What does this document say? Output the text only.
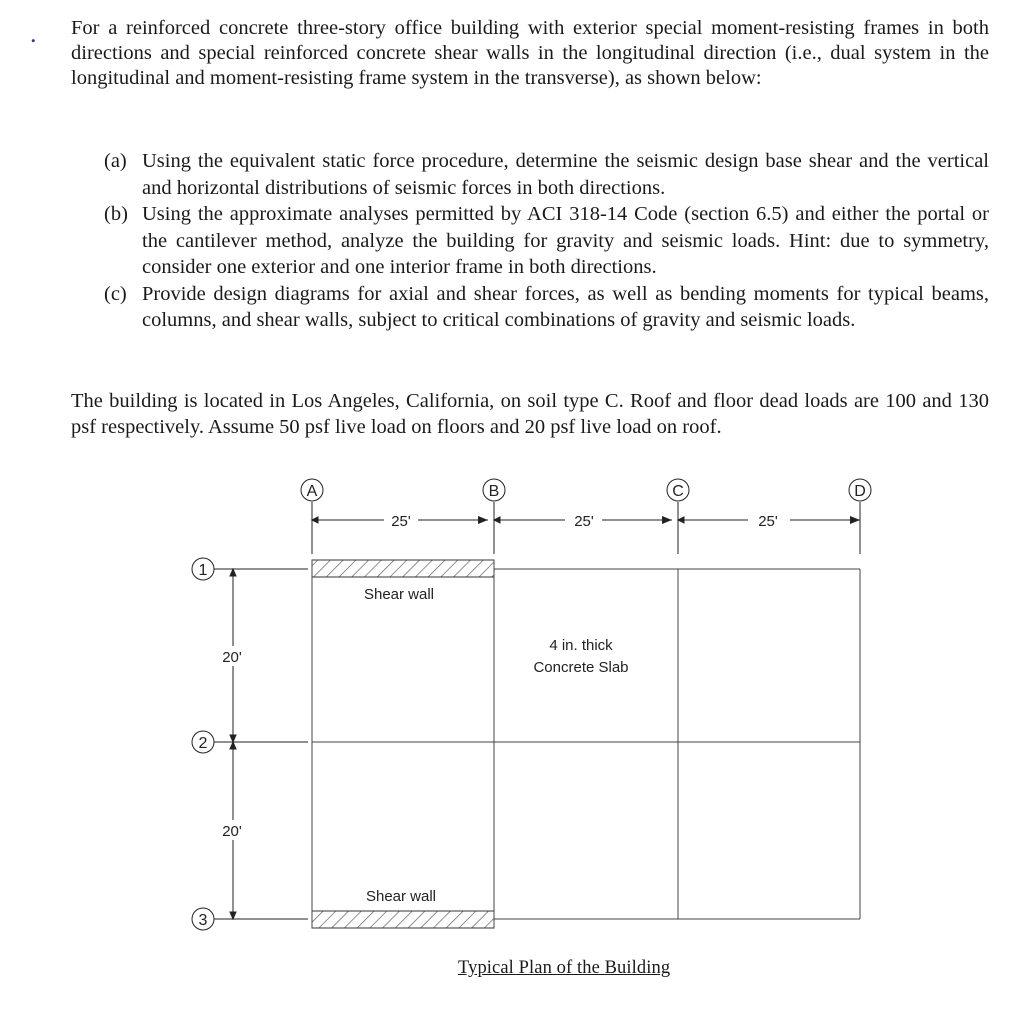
. For a reinforced concrete three-story office building with exterior special moment-resisting frames in both directions and special reinforced concrete shear walls in the longitudinal direction (i.e., dual system in the longitudinal and moment-resisting frame system in the transverse), as shown below:
(a) Using the equivalent static force procedure, determine the seismic design base shear and the vertical and horizontal distributions of seismic forces in both directions.
(b) Using the approximate analyses permitted by ACI 318-14 Code (section 6.5) and either the portal or the cantilever method, analyze the building for gravity and seismic loads. Hint: due to symmetry, consider one exterior and one interior frame in both directions.
(c) Provide design diagrams for axial and shear forces, as well as bending moments for typical beams, columns, and shear walls, subject to critical combinations of gravity and seismic loads.
The building is located in Los Angeles, California, on soil type C. Roof and floor dead loads are 100 and 130 psf respectively. Assume 50 psf live load on floors and 20 psf live load on roof.
A	B	C	D
1
2
3
25'	25'	25'
20'
20'
Shear wall
Shear wall
4 in. thick
Concrete Slab
Typical Plan of the Building
